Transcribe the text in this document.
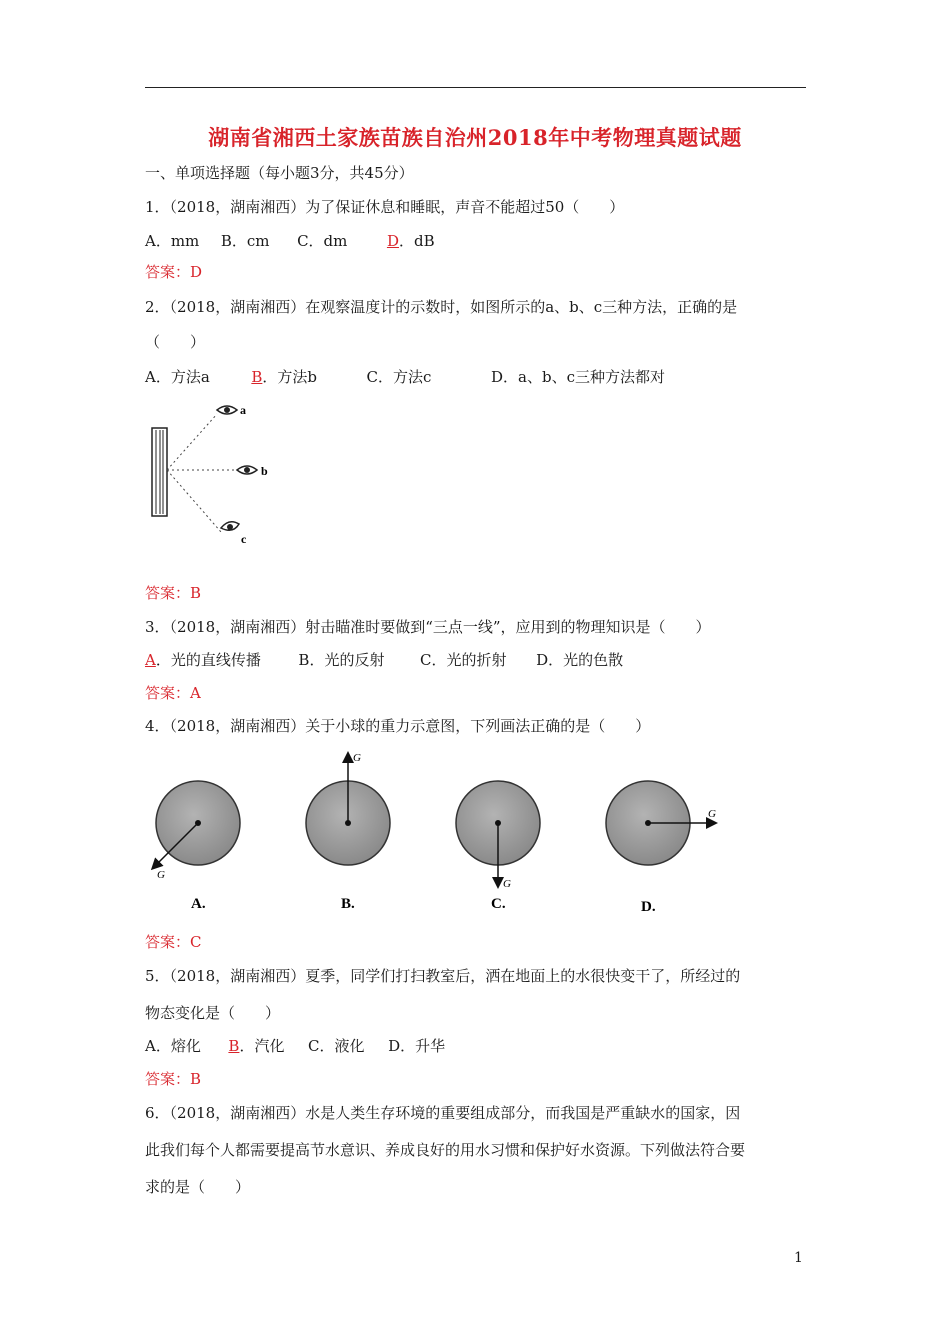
湖南省湘西土家族苗族自治州2018年中考物理真题试题
一、单项选择题（每小题3分，共45分）
1．（2018，湖南湘西）为了保证休息和睡眠，声音不能超过50（　　）
A．mm B．cm C．dm	D．dB
答案：D
2．（2018，湖南湘西）在观察温度计的示数时，如图所示的a、b、c三种方法，正确的是
（　　）
A．方法a	B．方法b	C．方法c	D．a、b、c三种方法都对
a
b
c
答案：B
3．（2018，湖南湘西）射击瞄准时要做到“三点一线”，应用到的物理知识是（　　）
A．光的直线传播	B．光的反射 C．光的折射 D．光的色散
答案：A
4．（2018，湖南湘西）关于小球的重力示意图，下列画法正确的是（　　）
G
A.
G
B.
G
C.
G
D.
答案：C
5．（2018，湖南湘西）夏季，同学们打扫教室后，洒在地面上的水很快变干了，所经过的
物态变化是（　　）
A．熔化 B．汽化 C．液化 D．升华
答案：B
6．（2018，湖南湘西）水是人类生存环境的重要组成部分，而我国是严重缺水的国家，因
此我们每个人都需要提高节水意识、养成良好的用水习惯和保护好水资源。下列做法符合要
求的是（　　）
1
